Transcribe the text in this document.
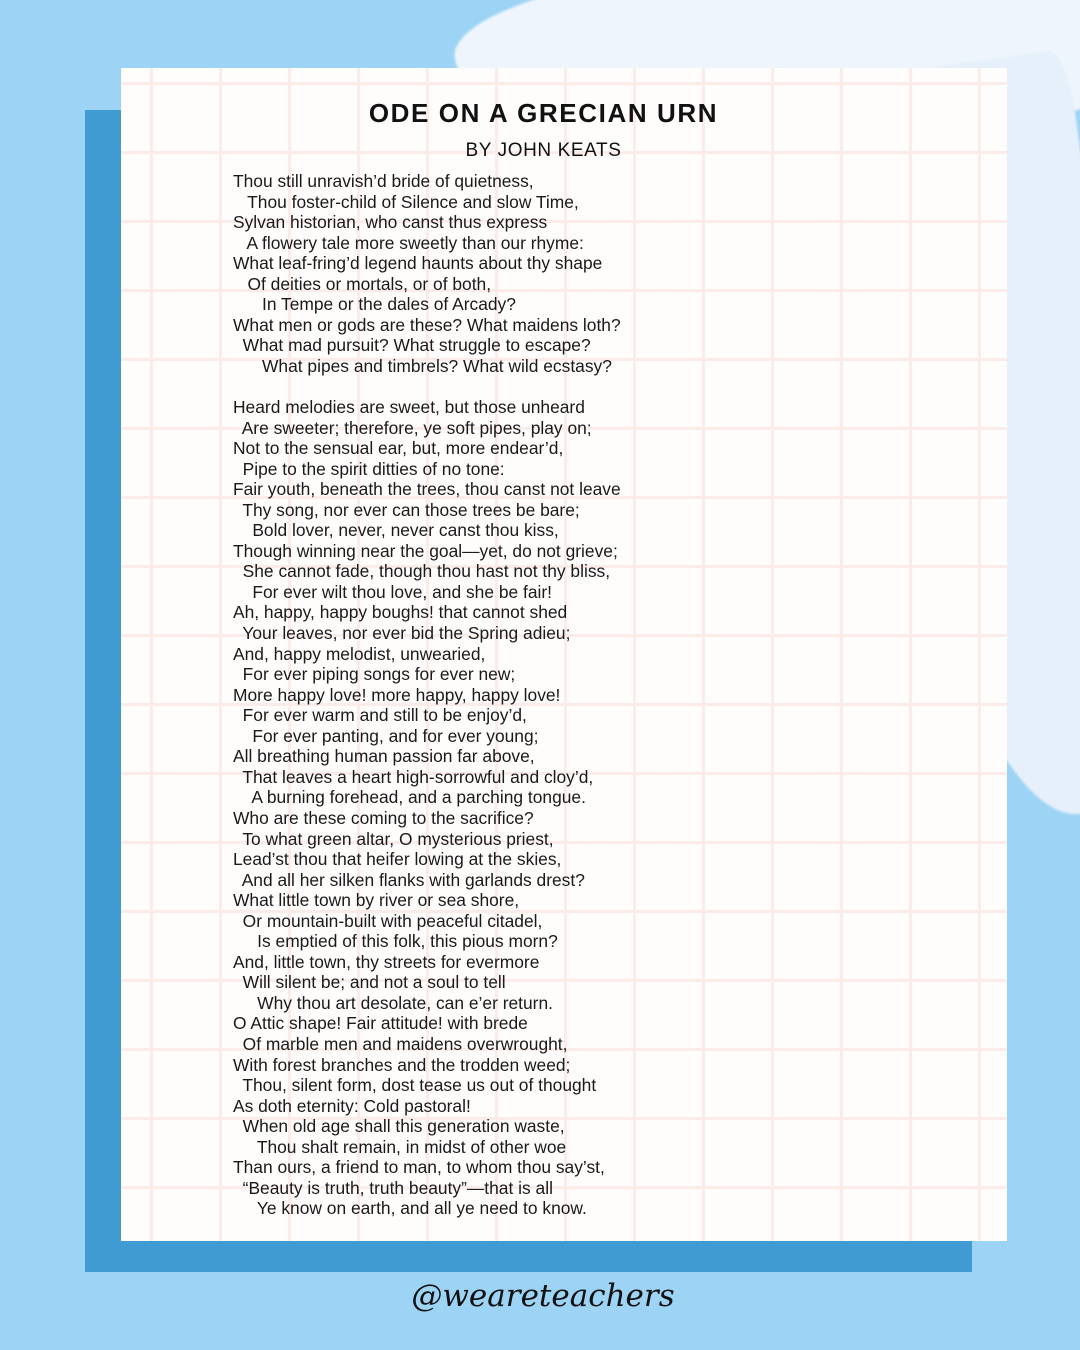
ODE ON A GRECIAN URN
BY JOHN KEATS
Thou still unravish’d bride of quietness,
Thou foster-child of Silence and slow Time,
Sylvan historian, who canst thus express
A flowery tale more sweetly than our rhyme:
What leaf-fring’d legend haunts about thy shape
Of deities or mortals, or of both,
In Tempe or the dales of Arcady?
What men or gods are these? What maidens loth?
What mad pursuit? What struggle to escape?
What pipes and timbrels? What wild ecstasy?
Heard melodies are sweet, but those unheard
Are sweeter; therefore, ye soft pipes, play on;
Not to the sensual ear, but, more endear’d,
Pipe to the spirit ditties of no tone:
Fair youth, beneath the trees, thou canst not leave
Thy song, nor ever can those trees be bare;
Bold lover, never, never canst thou kiss,
Though winning near the goal—yet, do not grieve;
She cannot fade, though thou hast not thy bliss,
For ever wilt thou love, and she be fair!
Ah, happy, happy boughs! that cannot shed
Your leaves, nor ever bid the Spring adieu;
And, happy melodist, unwearied,
For ever piping songs for ever new;
More happy love! more happy, happy love!
For ever warm and still to be enjoy’d,
For ever panting, and for ever young;
All breathing human passion far above,
That leaves a heart high-sorrowful and cloy’d,
A burning forehead, and a parching tongue.
Who are these coming to the sacrifice?
To what green altar, O mysterious priest,
Lead’st thou that heifer lowing at the skies,
And all her silken flanks with garlands drest?
What little town by river or sea shore,
Or mountain-built with peaceful citadel,
Is emptied of this folk, this pious morn?
And, little town, thy streets for evermore
Will silent be; and not a soul to tell
Why thou art desolate, can e’er return.
O Attic shape! Fair attitude! with brede
Of marble men and maidens overwrought,
With forest branches and the trodden weed;
Thou, silent form, dost tease us out of thought
As doth eternity: Cold pastoral!
When old age shall this generation waste,
Thou shalt remain, in midst of other woe
Than ours, a friend to man, to whom thou say’st,
“Beauty is truth, truth beauty”—that is all
Ye know on earth, and all ye need to know.
@weareteachers
